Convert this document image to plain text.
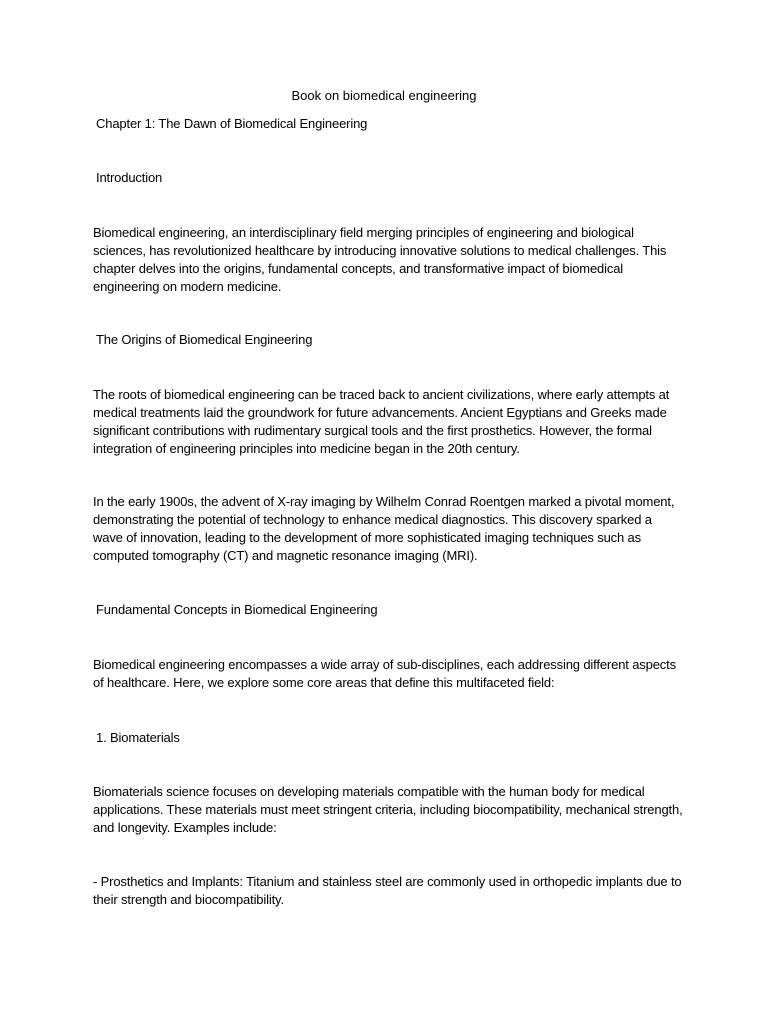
Book on biomedical engineering

Chapter 1: The Dawn of Biomedical Engineering

Introduction

Biomedical engineering, an interdisciplinary field merging principles of engineering and biological sciences, has revolutionized healthcare by introducing innovative solutions to medical challenges. This chapter delves into the origins, fundamental concepts, and transformative impact of biomedical engineering on modern medicine.

The Origins of Biomedical Engineering

The roots of biomedical engineering can be traced back to ancient civilizations, where early attempts at medical treatments laid the groundwork for future advancements. Ancient Egyptians and Greeks made significant contributions with rudimentary surgical tools and the first prosthetics. However, the formal integration of engineering principles into medicine began in the 20th century.

In the early 1900s, the advent of X-ray imaging by Wilhelm Conrad Roentgen marked a pivotal moment, demonstrating the potential of technology to enhance medical diagnostics. This discovery sparked a wave of innovation, leading to the development of more sophisticated imaging techniques such as computed tomography (CT) and magnetic resonance imaging (MRI).

Fundamental Concepts in Biomedical Engineering

Biomedical engineering encompasses a wide array of sub-disciplines, each addressing different aspects of healthcare. Here, we explore some core areas that define this multifaceted field:

1. Biomaterials

Biomaterials science focuses on developing materials compatible with the human body for medical applications. These materials must meet stringent criteria, including biocompatibility, mechanical strength, and longevity. Examples include:

- Prosthetics and Implants: Titanium and stainless steel are commonly used in orthopedic implants due to their strength and biocompatibility.
